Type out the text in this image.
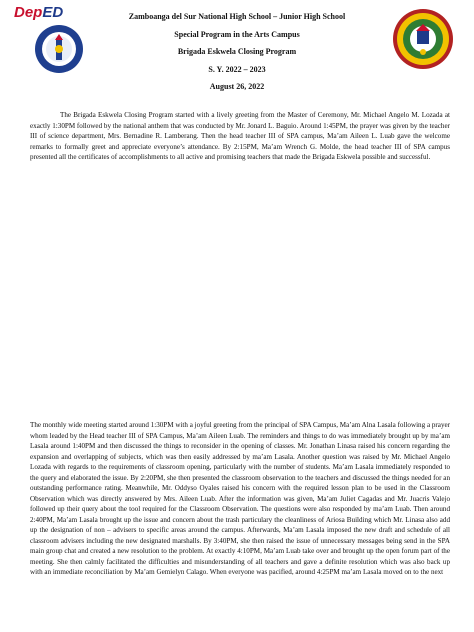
DepED	Zamboanga del Sur National High School – Junior High School
Special Program in the Arts Campus
Brigada Eskwela Closing Program
S. Y. 2022 – 2023
August 26, 2022

The Brigada Eskwela Closing Program started with a lively greeting from the Master of Ceremony, Mr. Michael Angelo M. Lozada at exactly 1:30PM followed by the national anthem that was conducted by Mr. Jonard L. Baguio. Around 1:45PM, the prayer was given by the teacher III of science department, Mrs. Bernadine R. Lamberang. Then the head teacher III of SPA campus, Ma’am Aileen L. Luab gave the welcome remarks to formally greet and appreciate everyone’s attendance. By 2:15PM, Ma’am Wrench G. Molde, the head teacher III of SPA campus presented all the certificates of accomplishments to all active and promising teachers that made the Brigada Eskwela possible and successful.

The monthly wide meeting started around 1:30PM with a joyful greeting from the principal of SPA Campus, Ma’am Alna Lasala following a prayer whom leaded by the Head teacher III of SPA Campus, Ma’am Aileen Luab. The reminders and things to do was immediately brought up by ma’am Lasala around 1:40PM and then discussed the things to reconsider in the opening of classes. Mr. Jonathan Linasa raised his concern regarding the expansion and overlapping of subjects, which was then easily addressed by ma’am Lasala. Another question was raised by Mr. Michael Angelo Lozada with regards to the requirements of classroom opening, particularly with the number of students. Ma’am Lasala immediately responded to the query and elaborated the issue. By 2:20PM, she then presented the classroom observation to the teachers and discussed the things needed for an outstanding performance rating. Meanwhile, Mr. Oddyso Oyales raised his concern with the required lesson plan to be used in the Classroom Observation which was directly answered by Mrs. Aileen Luab. After the information was given, Ma’am Juliet Cagadas and Mr. Juacris Valejo followed up their query about the tool required for the Classroom Observation. The questions were also responded by ma’am Luab. Then around 2:40PM, Ma’am Lasala brought up the issue and concern about the trash particulary the cleanliness of Ariosa Building which Mr. Linasa also add up the designation of non – advisers to specific areas around the campus. Afterwards, Ma’am Lasala imposed the new draft and schedule of all classroom advisers including the new designated marshalls. By 3:40PM, she then raised the issue of unnecessary messages being send in the SPA main group chat and created a new resolution to the problem. At exactly 4:10PM, Ma’am Luab take over and brought up the open forum part of the meeting. She then calmly facilitated the difficulties and misunderstanding of all teachers and gave a definite resolution which was also back up with an immediate reconciliation by Ma’am Gemielyn Calago. When everyone was pacified, around 4:25PM ma’am Lasala moved on to the next
